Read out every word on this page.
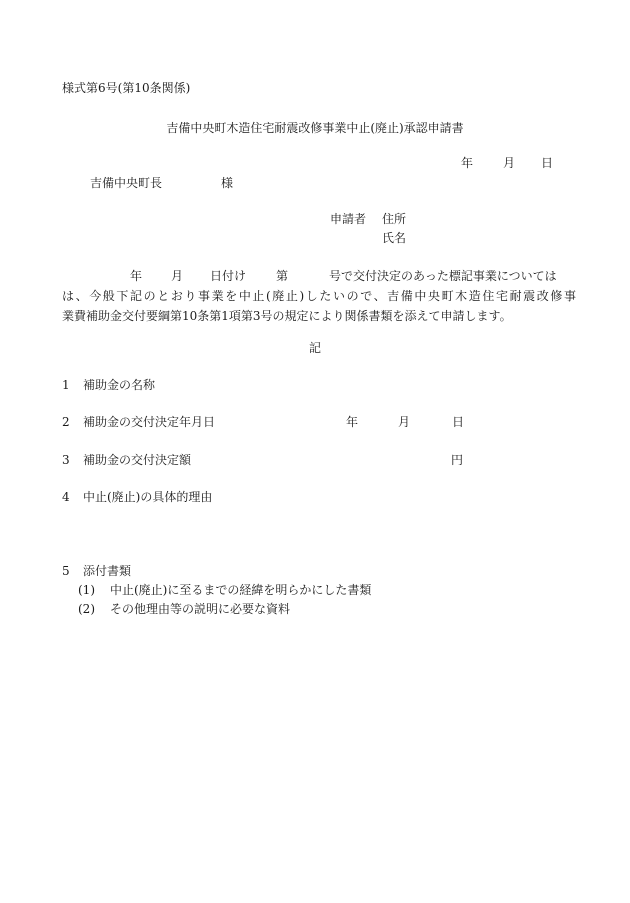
様式第6号(第10条関係)
吉備中央町木造住宅耐震改修事業中止(廃止)承認申請書
年 月 日
吉備中央町長	様
申請者 住所
氏名
年 月 日付け 第	号で交付決定のあった標記事業については
は、今般下記のとおり事業を中止(廃止)したいので、吉備中央町木造住宅耐震改修事
業費補助金交付要綱第10条第1項第3号の規定により関係書類を添えて申請します。
記
1 補助金の名称
2 補助金の交付決定年月日	年	月	日
3 補助金の交付決定額	円
4 中止(廃止)の具体的理由
5 添付書類
(1) 中止(廃止)に至るまでの経緯を明らかにした書類
(2) その他理由等の説明に必要な資料
